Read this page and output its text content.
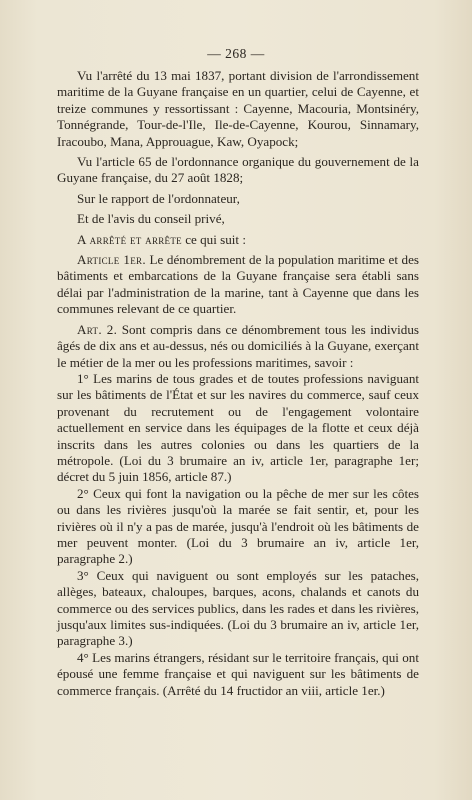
— 268 —

Vu l'arrêté du 13 mai 1837, portant division de l'arrondissement maritime de la Guyane française en un quartier, celui de Cayenne, et treize communes y ressortissant : Cayenne, Macouria, Montsinéry, Tonnégrande, Tour-de-l'Ile, Ile-de-Cayenne, Kourou, Sinnamary, Iracoubo, Mana, Approuague, Kaw, Oyapock;

Vu l'article 65 de l'ordonnance organique du gouvernement de la Guyane française, du 27 août 1828;

Sur le rapport de l'ordonnateur,

Et de l'avis du conseil privé,

A arrêté et arrête ce qui suit :

Article 1er. Le dénombrement de la population maritime et des bâtiments et embarcations de la Guyane française sera établi sans délai par l'administration de la marine, tant à Cayenne que dans les communes relevant de ce quartier.

Art. 2. Sont compris dans ce dénombrement tous les individus âgés de dix ans et au-dessus, nés ou domiciliés à la Guyane, exerçant le métier de la mer ou les professions maritimes, savoir :

1° Les marins de tous grades et de toutes professions naviguant sur les bâtiments de l'État et sur les navires du commerce, sauf ceux provenant du recrutement ou de l'engagement volontaire actuellement en service dans les équipages de la flotte et ceux déjà inscrits dans les autres colonies ou dans les quartiers de la métropole. (Loi du 3 brumaire an iv, article 1er, paragraphe 1er; décret du 5 juin 1856, article 87.)

2° Ceux qui font la navigation ou la pêche de mer sur les côtes ou dans les rivières jusqu'où la marée se fait sentir, et, pour les rivières où il n'y a pas de marée, jusqu'à l'endroit où les bâtiments de mer peuvent monter. (Loi du 3 brumaire an iv, article 1er, paragraphe 2.)

3° Ceux qui naviguent ou sont employés sur les pataches, allèges, bateaux, chaloupes, barques, acons, chalands et canots du commerce ou des services publics, dans les rades et dans les rivières, jusqu'aux limites sus-indiquées. (Loi du 3 brumaire an iv, article 1er, paragraphe 3.)

4° Les marins étrangers, résidant sur le territoire français, qui ont épousé une femme française et qui naviguent sur les bâtiments de commerce français. (Arrêté du 14 fructidor an viii, article 1er.)
